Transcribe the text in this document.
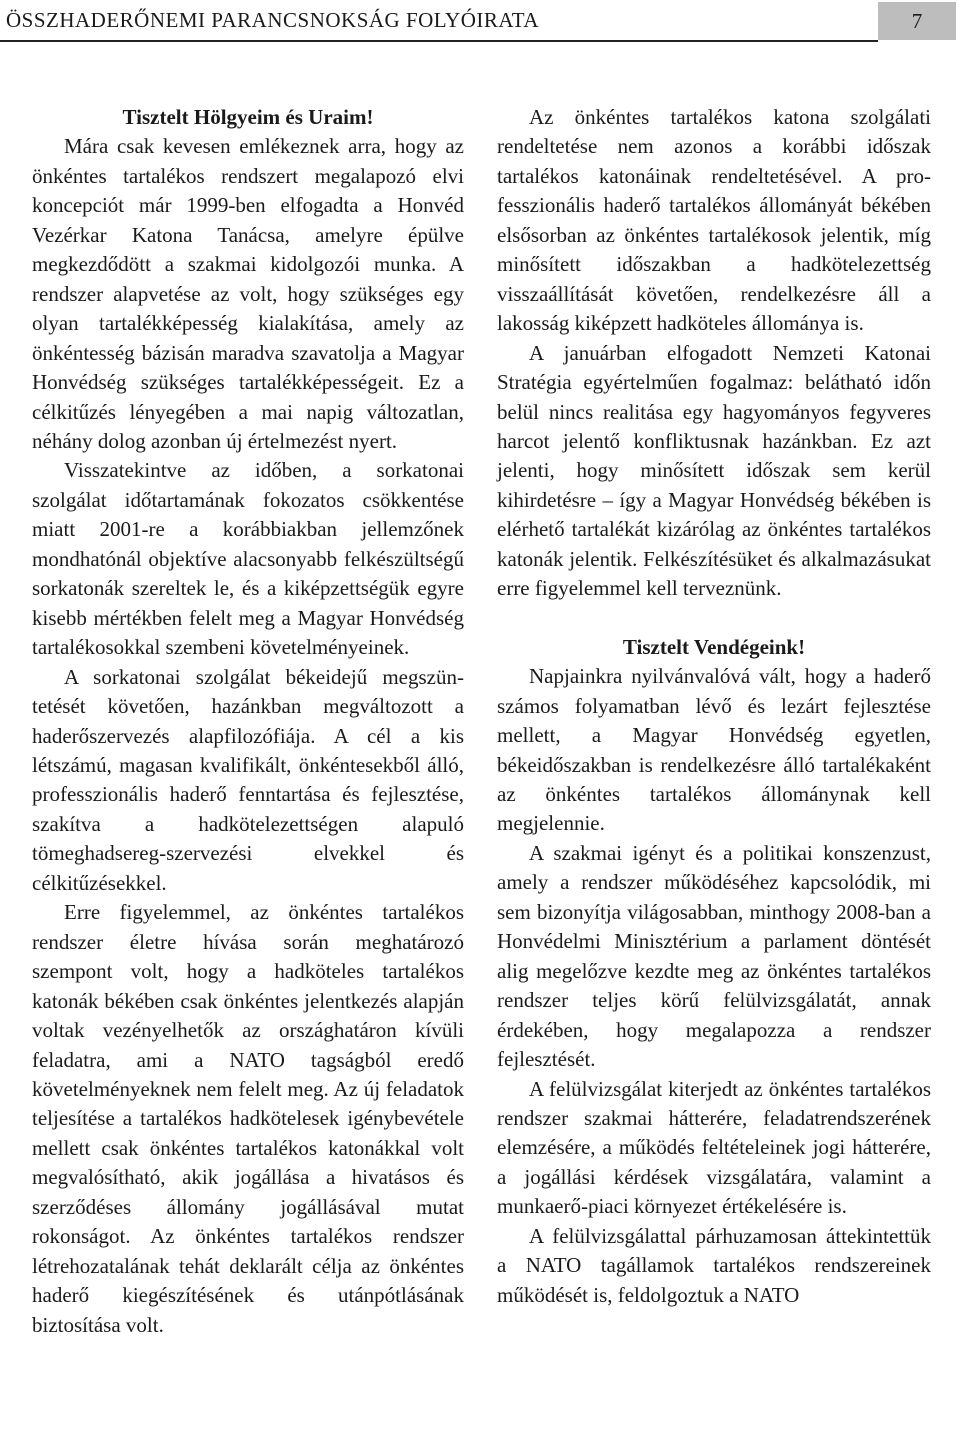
ÖSSZHADERŐNEMI PARANCSNOKSÁG FOLYÓIRATA	7

Tisztelt Hölgyeim és Uraim!

Mára csak kevesen emlékeznek arra, hogy az önkéntes tartalékos rendszert megalapozó elvi koncepciót már 1999-ben elfogadta a Honvéd Vezérkar Katona Tanácsa, amelyre épülve megkezdődött a szakmai kidolgozói munka. A rendszer alapvetése az volt, hogy szükséges egy olyan tartalékképesség kialakítása, amely az önkéntesség bázisán maradva szavatolja a Magyar Honvédség szükséges tartalékképességeit. Ez a célkitűzés lényegében a mai napig változatlan, néhány dolog azonban új értelmezést nyert.

Visszatekintve az időben, a sorkatonai szolgálat időtartamának fokozatos csökkentése miatt 2001-re a korábbiakban jellemzőnek mondhatónál objektíve alacsonyabb felkészültségű sorkatonák szereltek le, és a kiképzettségük egyre kisebb mértékben felelt meg a Magyar Honvédség tartalékosokkal szembeni követelményeinek.

A sorkatonai szolgálat békeidejű megszüntetését követően, hazánkban megváltozott a haderőszervezés alapfilozófiája. A cél a kis létszámú, magasan kvalifikált, önkéntesekből álló, professzionális haderő fenntartása és fejlesztése, szakítva a hadkötelezettségen alapuló tömeghadsereg-szervezési elvekkel és célkitűzésekkel.

Erre figyelemmel, az önkéntes tartalékos rendszer életre hívása során meghatározó szempont volt, hogy a hadköteles tartalékos katonák békében csak önkéntes jelentkezés alapján voltak vezényelhetők az országhatáron kívüli feladatra, ami a NATO tagságból eredő követelményeknek nem felelt meg. Az új feladatok teljesítése a tartalékos hadkötelesek igénybevétele mellett csak önkéntes tartalékos katonákkal volt megvalósítható, akik jogállása a hivatásos és szerződéses állomány jogállásával mutat rokonságot. Az önkéntes tartalékos rendszer létrehozatalának tehát deklarált célja az önkéntes haderő kiegészítésének és utánpótlásának biztosítása volt.

Az önkéntes tartalékos katona szolgálati rendeltetése nem azonos a korábbi időszak tartalékos katonáinak rendeltetésével. A professzionális haderő tartalékos állományát békében elsősorban az önkéntes tartalékosok jelentik, míg minősített időszakban a hadkötelezettség visszaállítását követően, rendelkezésre áll a lakosság kiképzett hadköteles állománya is.

A januárban elfogadott Nemzeti Katonai Stratégia egyértelműen fogalmaz: belátható időn belül nincs realitása egy hagyományos fegyveres harcot jelentő konfliktusnak hazánkban. Ez azt jelenti, hogy minősített időszak sem kerül kihirdetésre – így a Magyar Honvédség békében is elérhető tartalékát kizárólag az önkéntes tartalékos katonák jelentik. Felkészítésüket és alkalmazásukat erre figyelemmel kell terveznünk.

Tisztelt Vendégeink!

Napjainkra nyilvánvalóvá vált, hogy a haderő számos folyamatban lévő és lezárt fejlesztése mellett, a Magyar Honvédség egyetlen, békeidőszakban is rendelkezésre álló tartalékaként az önkéntes tartalékos állománynak kell megjelennie.

A szakmai igényt és a politikai konszenzust, amely a rendszer működéséhez kapcsolódik, mi sem bizonyítja világosabban, minthogy 2008-ban a Honvédelmi Minisztérium a parlament döntését alig megelőzve kezdte meg az önkéntes tartalékos rendszer teljes körű felülvizsgálatát, annak érdekében, hogy megalapozza a rendszer fejlesztését.

A felülvizsgálat kiterjedt az önkéntes tartalékos rendszer szakmai hátterére, feladatrendszerének elemzésére, a működés feltételeinek jogi hátterére, a jogállási kérdések vizsgálatára, valamint a munkaerő-piaci környezet értékelésére is.

A felülvizsgálattal párhuzamosan áttekintettük a NATO tagállamok tartalékos rendszereinek működését is, feldolgoztuk a NATO
